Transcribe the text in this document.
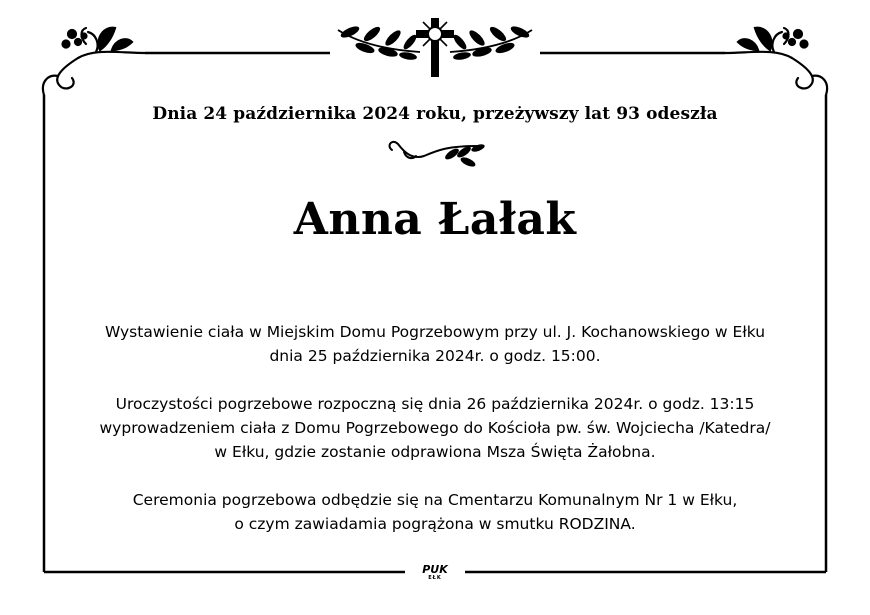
Dnia 24 października 2024 roku, przeżywszy lat 93 odeszła
Anna Łałak

Wystawienie ciała w Miejskim Domu Pogrzebowym przy ul. J. Kochanowskiego w Ełku
dnia 25 października 2024r. o godz. 15:00.

Uroczystości pogrzebowe rozpoczną się dnia 26 października 2024r. o godz. 13:15
wyprowadzeniem ciała z Domu Pogrzebowego do Kościoła pw. św. Wojciecha /Katedra/
w Ełku, gdzie zostanie odprawiona Msza Święta Żałobna.

Ceremonia pogrzebowa odbędzie się na Cmentarzu Komunalnym Nr 1 w Ełku,
o czym zawiadamia pogrążona w smutku RODZINA.

PUK
EŁK
